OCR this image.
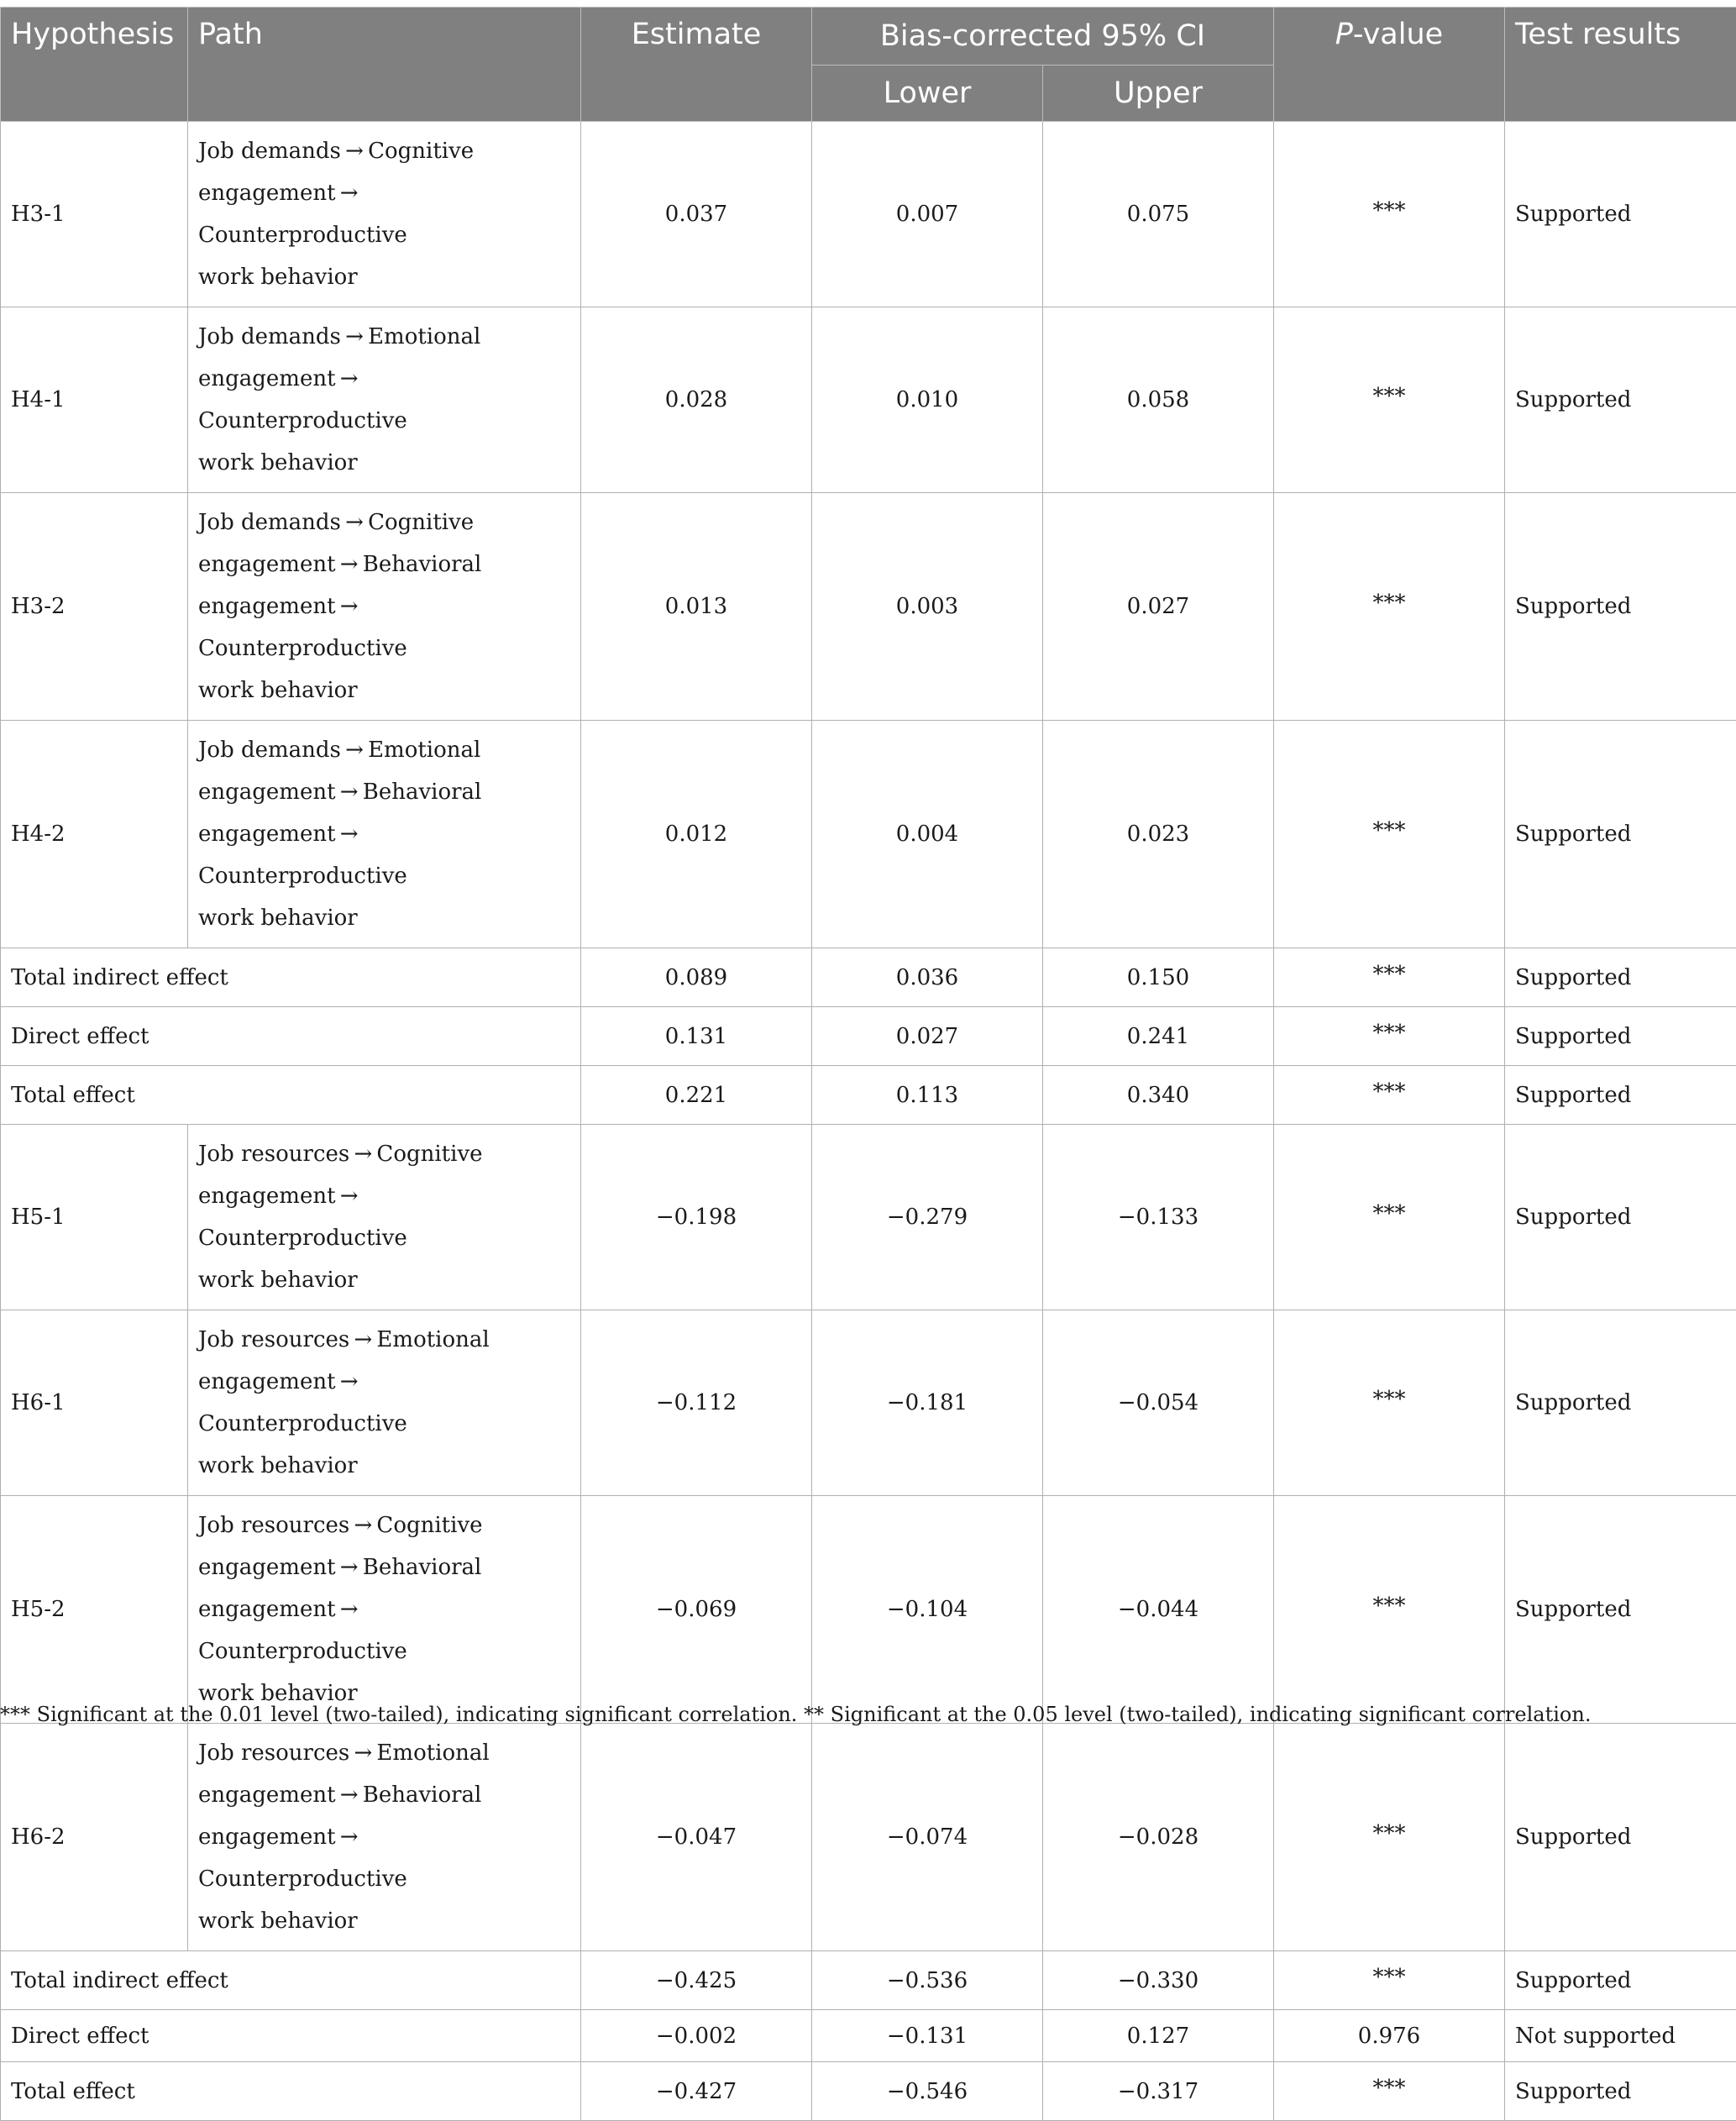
Hypothesis	Path	Estimate	Bias-corrected 95% CI		P-value	Test results
			Lower	Upper		
H3-1	Job demands → Cognitive
engagement → Counterproductive
work behavior	0.037	0.007	0.075	***	Supported
H4-1	Job demands → Emotional
engagement → Counterproductive
work behavior	0.028	0.010	0.058	***	Supported
H3-2	Job demands → Cognitive
engagement → Behavioral
engagement → Counterproductive
work behavior	0.013	0.003	0.027	***	Supported
H4-2	Job demands → Emotional
engagement → Behavioral
engagement → Counterproductive
work behavior	0.012	0.004	0.023	***	Supported
Total indirect effect		0.089	0.036	0.150	***	Supported
Direct effect		0.131	0.027	0.241	***	Supported
Total effect		0.221	0.113	0.340	***	Supported
H5-1	Job resources → Cognitive
engagement → Counterproductive
work behavior	−0.198	−0.279	−0.133	***	Supported
H6-1	Job resources → Emotional
engagement → Counterproductive
work behavior	−0.112	−0.181	−0.054	***	Supported
H5-2	Job resources → Cognitive
engagement → Behavioral
engagement → Counterproductive
work behavior	−0.069	−0.104	−0.044	***	Supported
H6-2	Job resources → Emotional
engagement → Behavioral
engagement → Counterproductive
work behavior	−0.047	−0.074	−0.028	***	Supported
Total indirect effect		−0.425	−0.536	−0.330	***	Supported
Direct effect		−0.002	−0.131	0.127	0.976	Not supported
Total effect		−0.427	−0.546	−0.317	***	Supported
*** Significant at the 0.01 level (two-tailed), indicating significant correlation. ** Significant at the 0.05 level (two-tailed), indicating significant correlation.
